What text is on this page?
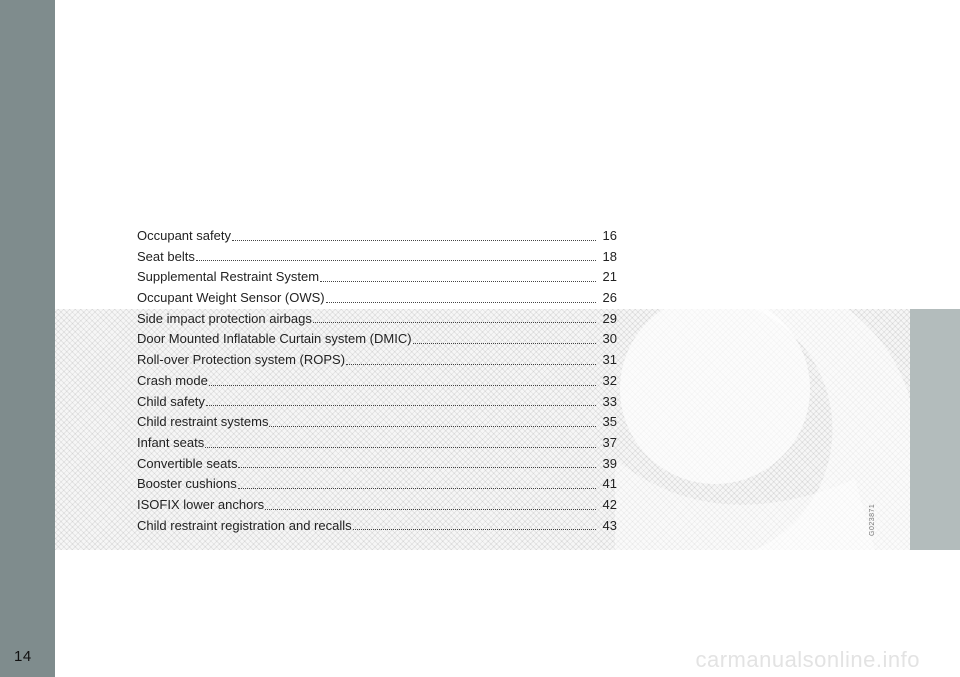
14
G023871
Occupant safety	16
Seat belts	18
Supplemental Restraint System	21
Occupant Weight Sensor (OWS)	26
Side impact protection airbags	29
Door Mounted Inflatable Curtain system (DMIC)	30
Roll-over Protection system (ROPS)	31
Crash mode	32
Child safety	33
Child restraint systems	35
Infant seats	37
Convertible seats	39
Booster cushions	41
ISOFIX lower anchors	42
Child restraint registration and recalls	43
carmanualsonline.info
